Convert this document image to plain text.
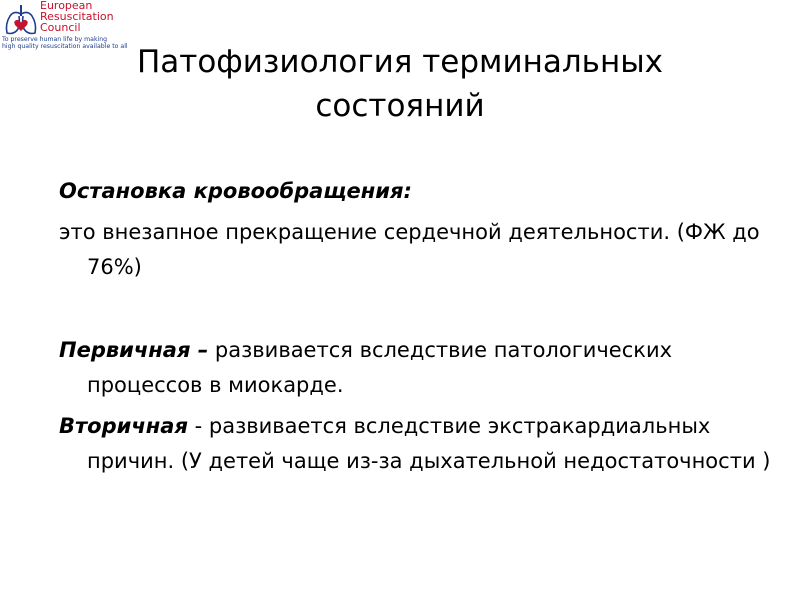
European
Resuscitation
Council
To preserve human life by making
high quality resuscitation available to all Патофизиология терминальных
состояний

Остановка кровообращения:

это внезапное прекращение сердечной деятельности. (ФЖ до 76%)

Первичная – развивается вследствие патологических процессов в миокарде.

Вторичная - развивается вследствие экстракардиальных причин. (У детей чаще из-за дыхательной недостаточности )
